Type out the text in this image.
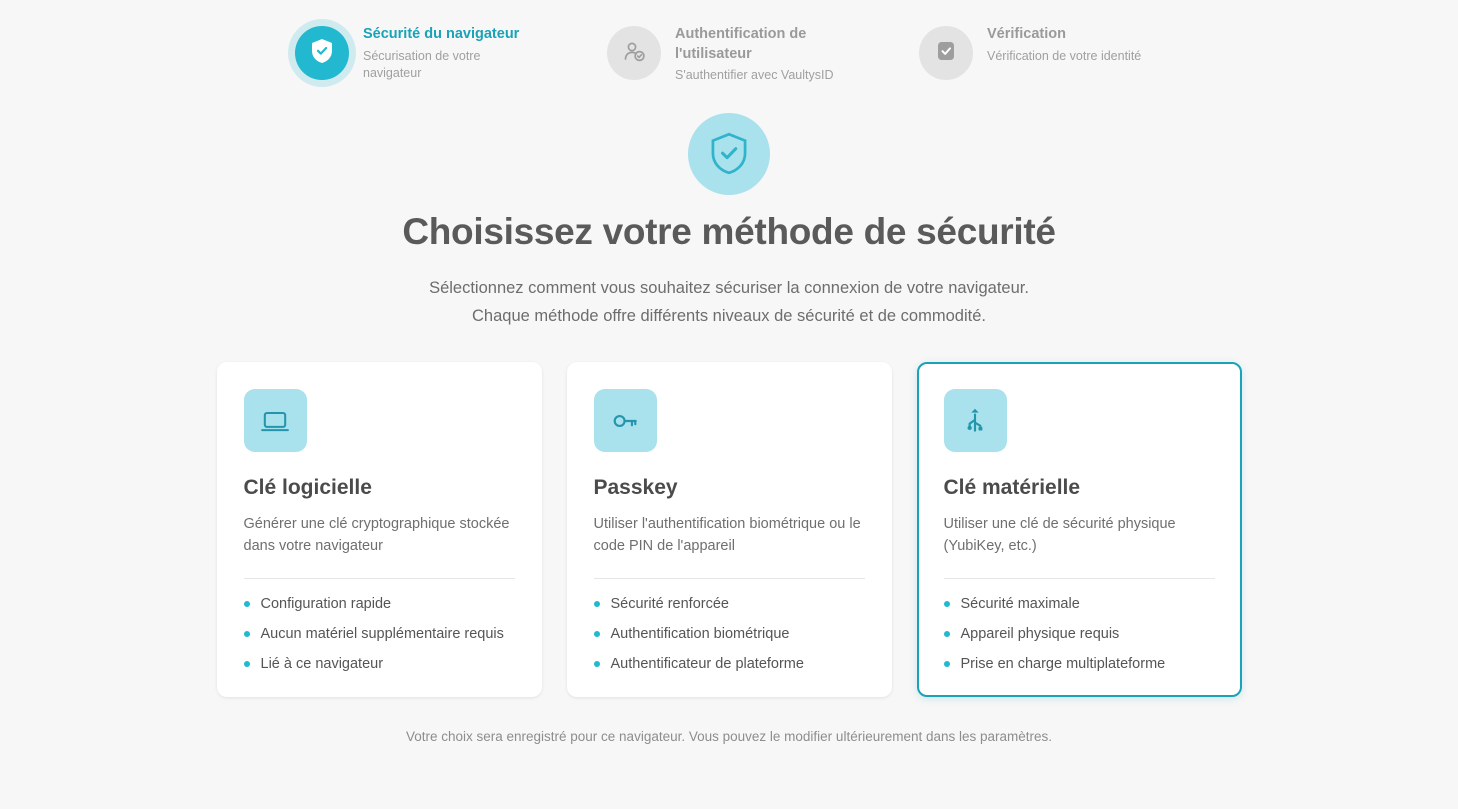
Sécurité du navigateur
Sécurisation de votre navigateur
Authentification de l'utilisateur
S'authentifier avec VaultysID
Vérification
Vérification de votre identité
Choisissez votre méthode de sécurité
Sélectionnez comment vous souhaitez sécuriser la connexion de votre navigateur.
Chaque méthode offre différents niveaux de sécurité et de commodité.
Clé logicielle
Générer une clé cryptographique stockée dans votre navigateur
Configuration rapide
Aucun matériel supplémentaire requis
Lié à ce navigateur
Passkey
Utiliser l'authentification biométrique ou le code PIN de l'appareil
Sécurité renforcée
Authentification biométrique
Authentificateur de plateforme
Clé matérielle
Utiliser une clé de sécurité physique (YubiKey, etc.)
Sécurité maximale
Appareil physique requis
Prise en charge multiplateforme
Votre choix sera enregistré pour ce navigateur. Vous pouvez le modifier ultérieurement dans les paramètres.
